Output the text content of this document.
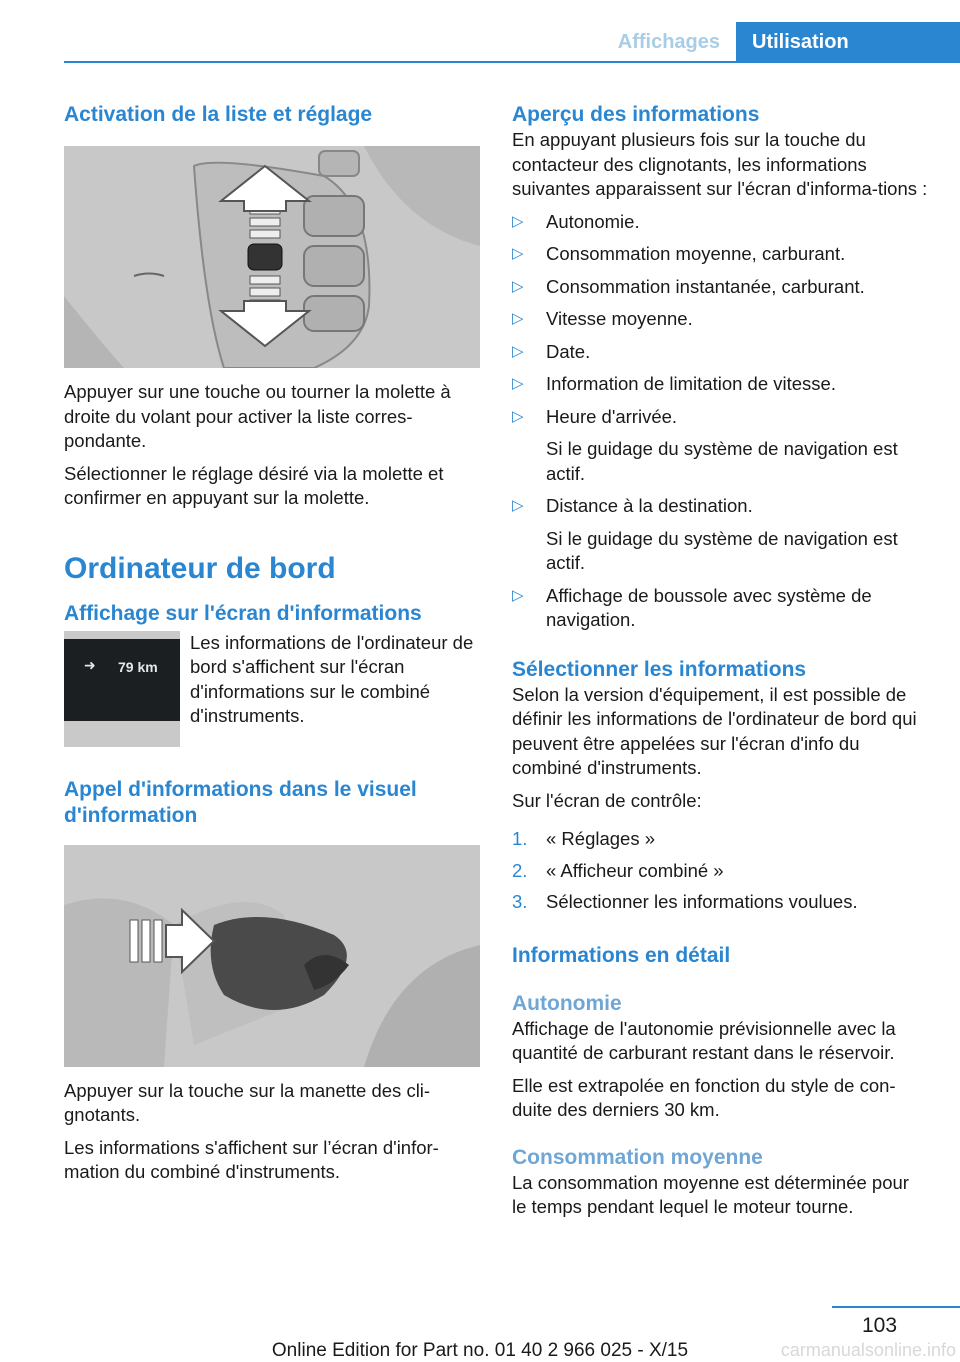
Affichages	Utilisation
Activation de la liste et réglage

Appuyer sur une touche ou tourner la molette à droite du volant pour activer la liste corres‐pondante.

Sélectionner le réglage désiré via la molette et confirmer en appuyant sur la molette.

Ordinateur de bord
Affichage sur l'écran d'informations
➜ 79 km

Les informations de l'ordinateur de bord s'affichent sur l'écran d'informations sur le combiné d'instruments.

Appel d'informations dans le visuel d'information

Appuyer sur la touche sur la manette des cli‐gnotants.

Les informations s'affichent sur l’écran d'infor‐mation du combiné d'instruments.

Aperçu des informations

En appuyant plusieurs fois sur la touche du contacteur des clignotants, les informations suivantes apparaissent sur l'écran d'informa‐tions :

▷ Autonomie.
▷ Consommation moyenne, carburant.
▷ Consommation instantanée, carburant.
▷ Vitesse moyenne.
▷ Date.
▷ Information de limitation de vitesse.
▷ Heure d'arrivée.
Si le guidage du système de navigation est actif.
▷ Distance à la destination.
Si le guidage du système de navigation est actif.
▷ Affichage de boussole avec système de navigation.
Sélectionner les informations

Selon la version d'équipement, il est possible de définir les informations de l'ordinateur de bord qui peuvent être appelées sur l'écran d'info du combiné d'instruments.

Sur l'écran de contrôle:

1. « Réglages »
2. « Afficheur combiné »
3. Sélectionner les informations voulues.
Informations en détail
Autonomie

Affichage de l'autonomie prévisionnelle avec la quantité de carburant restant dans le réservoir.

Elle est extrapolée en fonction du style de con‐duite des derniers 30 km.

Consommation moyenne

La consommation moyenne est déterminée pour le temps pendant lequel le moteur tourne.

103
Online Edition for Part no. 01 40 2 966 025 - X/15	carmanualsonline.info
